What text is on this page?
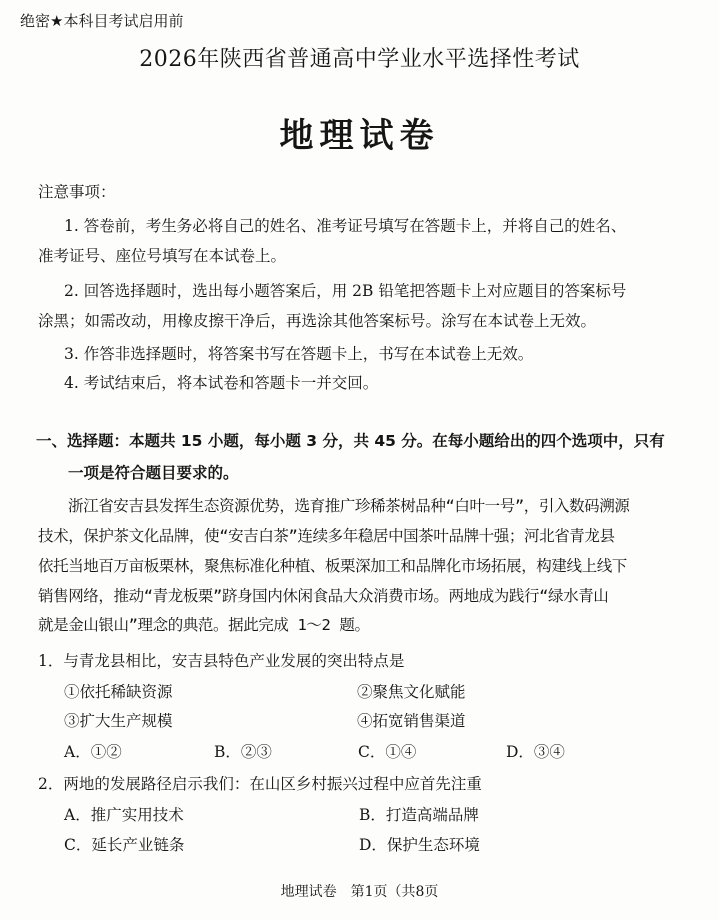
绝密★本科目考试启用前
2026年陕西省普通高中学业水平选择性考试
地理试卷
注意事项：
1. 答卷前，考生务必将自己的姓名、准考证号填写在答题卡上，并将自己的姓名、
准考证号、座位号填写在本试卷上。
2. 回答选择题时，选出每小题答案后，用 2B 铅笔把答题卡上对应题目的答案标号
涂黑；如需改动，用橡皮擦干净后，再选涂其他答案标号。涂写在本试卷上无效。
3. 作答非选择题时，将答案书写在答题卡上，书写在本试卷上无效。
4. 考试结束后，将本试卷和答题卡一并交回。
一、选择题：本题共 15 小题，每小题 3 分，共 45 分。在每小题给出的四个选项中，只有
一项是符合题目要求的。
浙江省安吉县发挥生态资源优势，选育推广珍稀茶树品种“白叶一号”，引入数码溯源
技术，保护茶文化品牌，使“安吉白茶”连续多年稳居中国茶叶品牌十强；河北省青龙县
依托当地百万亩板栗林，聚焦标准化种植、板栗深加工和品牌化市场拓展，构建线上线下
销售网络，推动“青龙板栗”跻身国内休闲食品大众消费市场。两地成为践行“绿水青山
就是金山银山”理念的典范。据此完成 1～2 题。
1．与青龙县相比，安吉县特色产业发展的突出特点是
①依托稀缺资源	②聚焦文化赋能
③扩大生产规模	④拓宽销售渠道
A．①②	B．②③	C．①④	D．③④
2．两地的发展路径启示我们：在山区乡村振兴过程中应首先注重
A．推广实用技术	B．打造高端品牌
C．延长产业链条	D．保护生态环境
地理试卷　第1页（共8页
